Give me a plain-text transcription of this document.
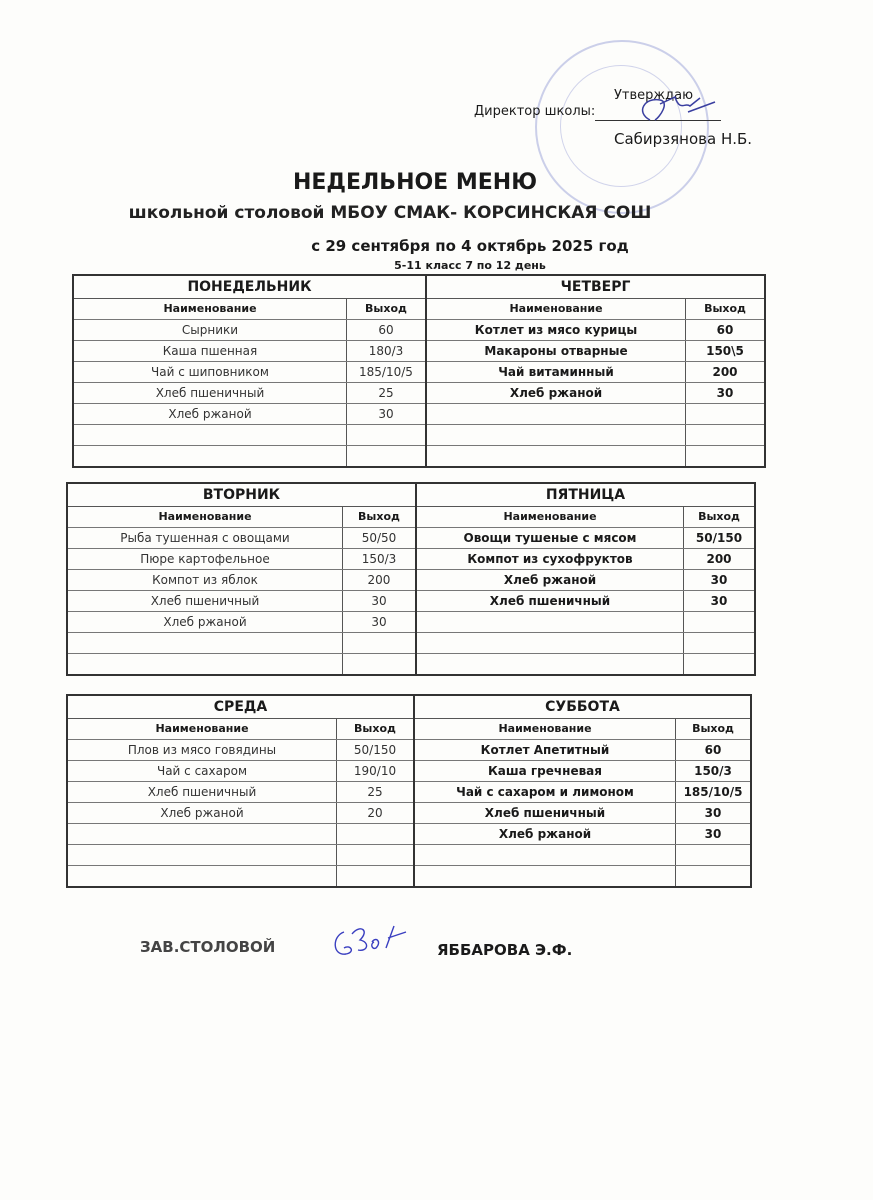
Утверждаю
Директор школы:
Сабирзянова Н.Б.
НЕДЕЛЬНОЕ МЕНЮ
школьной столовой МБОУ СМАК- КОРСИНСКАЯ СОШ
с 29 сентября по 4 октябрь 2025 год
5-11 класс 7 по 12 день
ПОНЕДЕЛЬНИК
Наименование	Выход
Сырники	60
Каша пшенная	180/3
Чай с шиповником	185/10/5
Хлеб пшеничный	25
Хлеб ржаной	30
ЧЕТВЕРГ
Наименование	Выход
Котлет из мясо курицы	60
Макароны отварные	150\5
Чай витаминный	200
Хлеб ржаной	30
ВТОРНИК
Наименование	Выход
Рыба тушенная с овощами	50/50
Пюре картофельное	150/3
Компот из яблок	200
Хлеб пшеничный	30
Хлеб ржаной	30
ПЯТНИЦА
Наименование	Выход
Овощи тушеные с мясом	50/150
Компот из сухофруктов	200
Хлеб ржаной	30
Хлеб пшеничный	30
СРЕДА
Наименование	Выход
Плов из мясо говядины	50/150
Чай с сахаром	190/10
Хлеб пшеничный	25
Хлеб ржаной	20
СУББОТА
Наименование	Выход
Котлет Апетитный	60
Каша гречневая	150/3
Чай с сахаром и лимоном	185/10/5
Хлеб пшеничный	30
Хлеб ржаной	30
ЗАВ.СТОЛОВОЙ	ЯББАРОВА Э.Ф.
